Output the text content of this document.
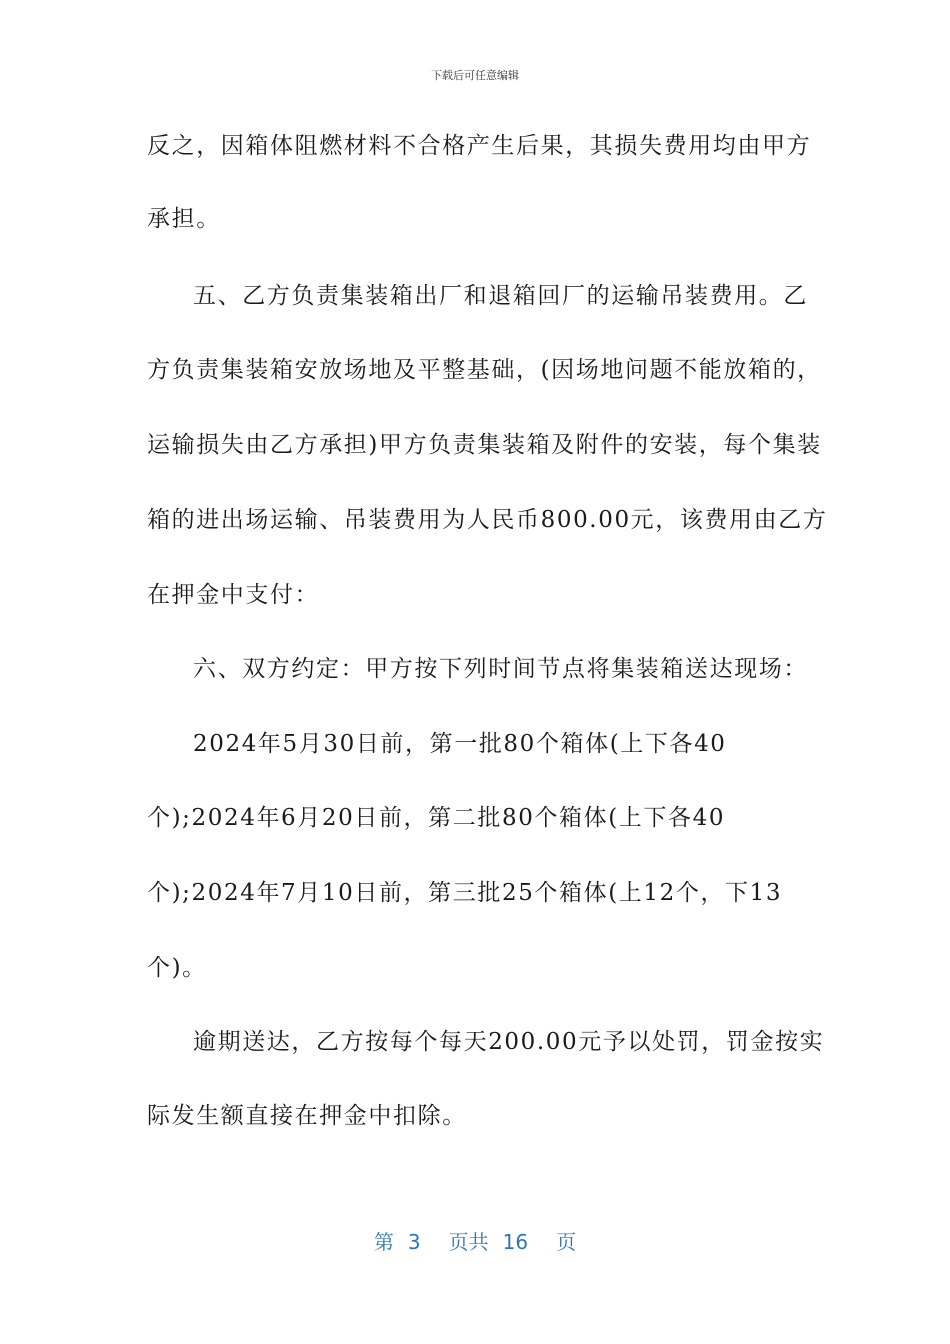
下载后可任意编辑
反之，因箱体阻燃材料不合格产生后果，其损失费用均由甲方
承担。
五、乙方负责集装箱出厂和退箱回厂的运输吊装费用。乙
方负责集装箱安放场地及平整基础，(因场地问题不能放箱的，
运输损失由乙方承担)甲方负责集装箱及附件的安装，每个集装
箱的进出场运输、吊装费用为人民币800.00元，该费用由乙方
在押金中支付：
六、双方约定：甲方按下列时间节点将集装箱送达现场：
2024年5月30日前，第一批80个箱体(上下各40
个);2024年6月20日前，第二批80个箱体(上下各40
个);2024年7月10日前，第三批25个箱体(上12个，下13
个)。
逾期送达，乙方按每个每天200.00元予以处罚，罚金按实
际发生额直接在押金中扣除。
第 3 页共 16 页
